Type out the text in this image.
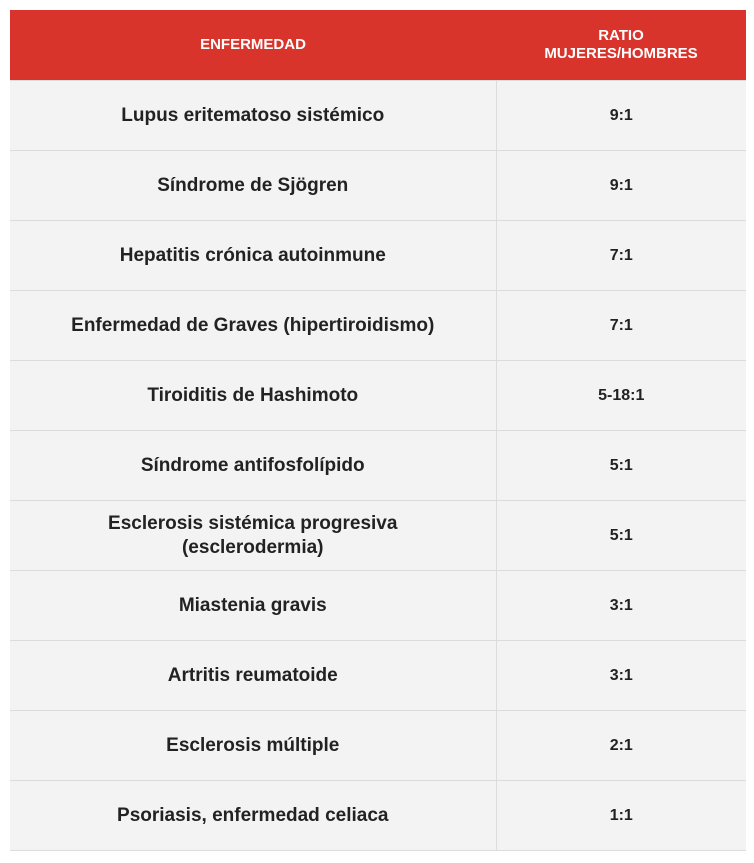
ENFERMEDAD	RATIO
MUJERES/HOMBRES

Lupus eritematoso sistémico	9:1
Síndrome de Sjögren	9:1
Hepatitis crónica autoinmune	7:1
Enfermedad de Graves (hipertiroidismo)	7:1
Tiroiditis de Hashimoto	5-18:1
Síndrome antifosfolípido	5:1

Esclerosis sistémica progresiva
(esclerodermia)	5:1
Miastenia gravis	3:1
Artritis reumatoide	3:1
Esclerosis múltiple	2:1
Psoriasis, enfermedad celiaca	1:1
